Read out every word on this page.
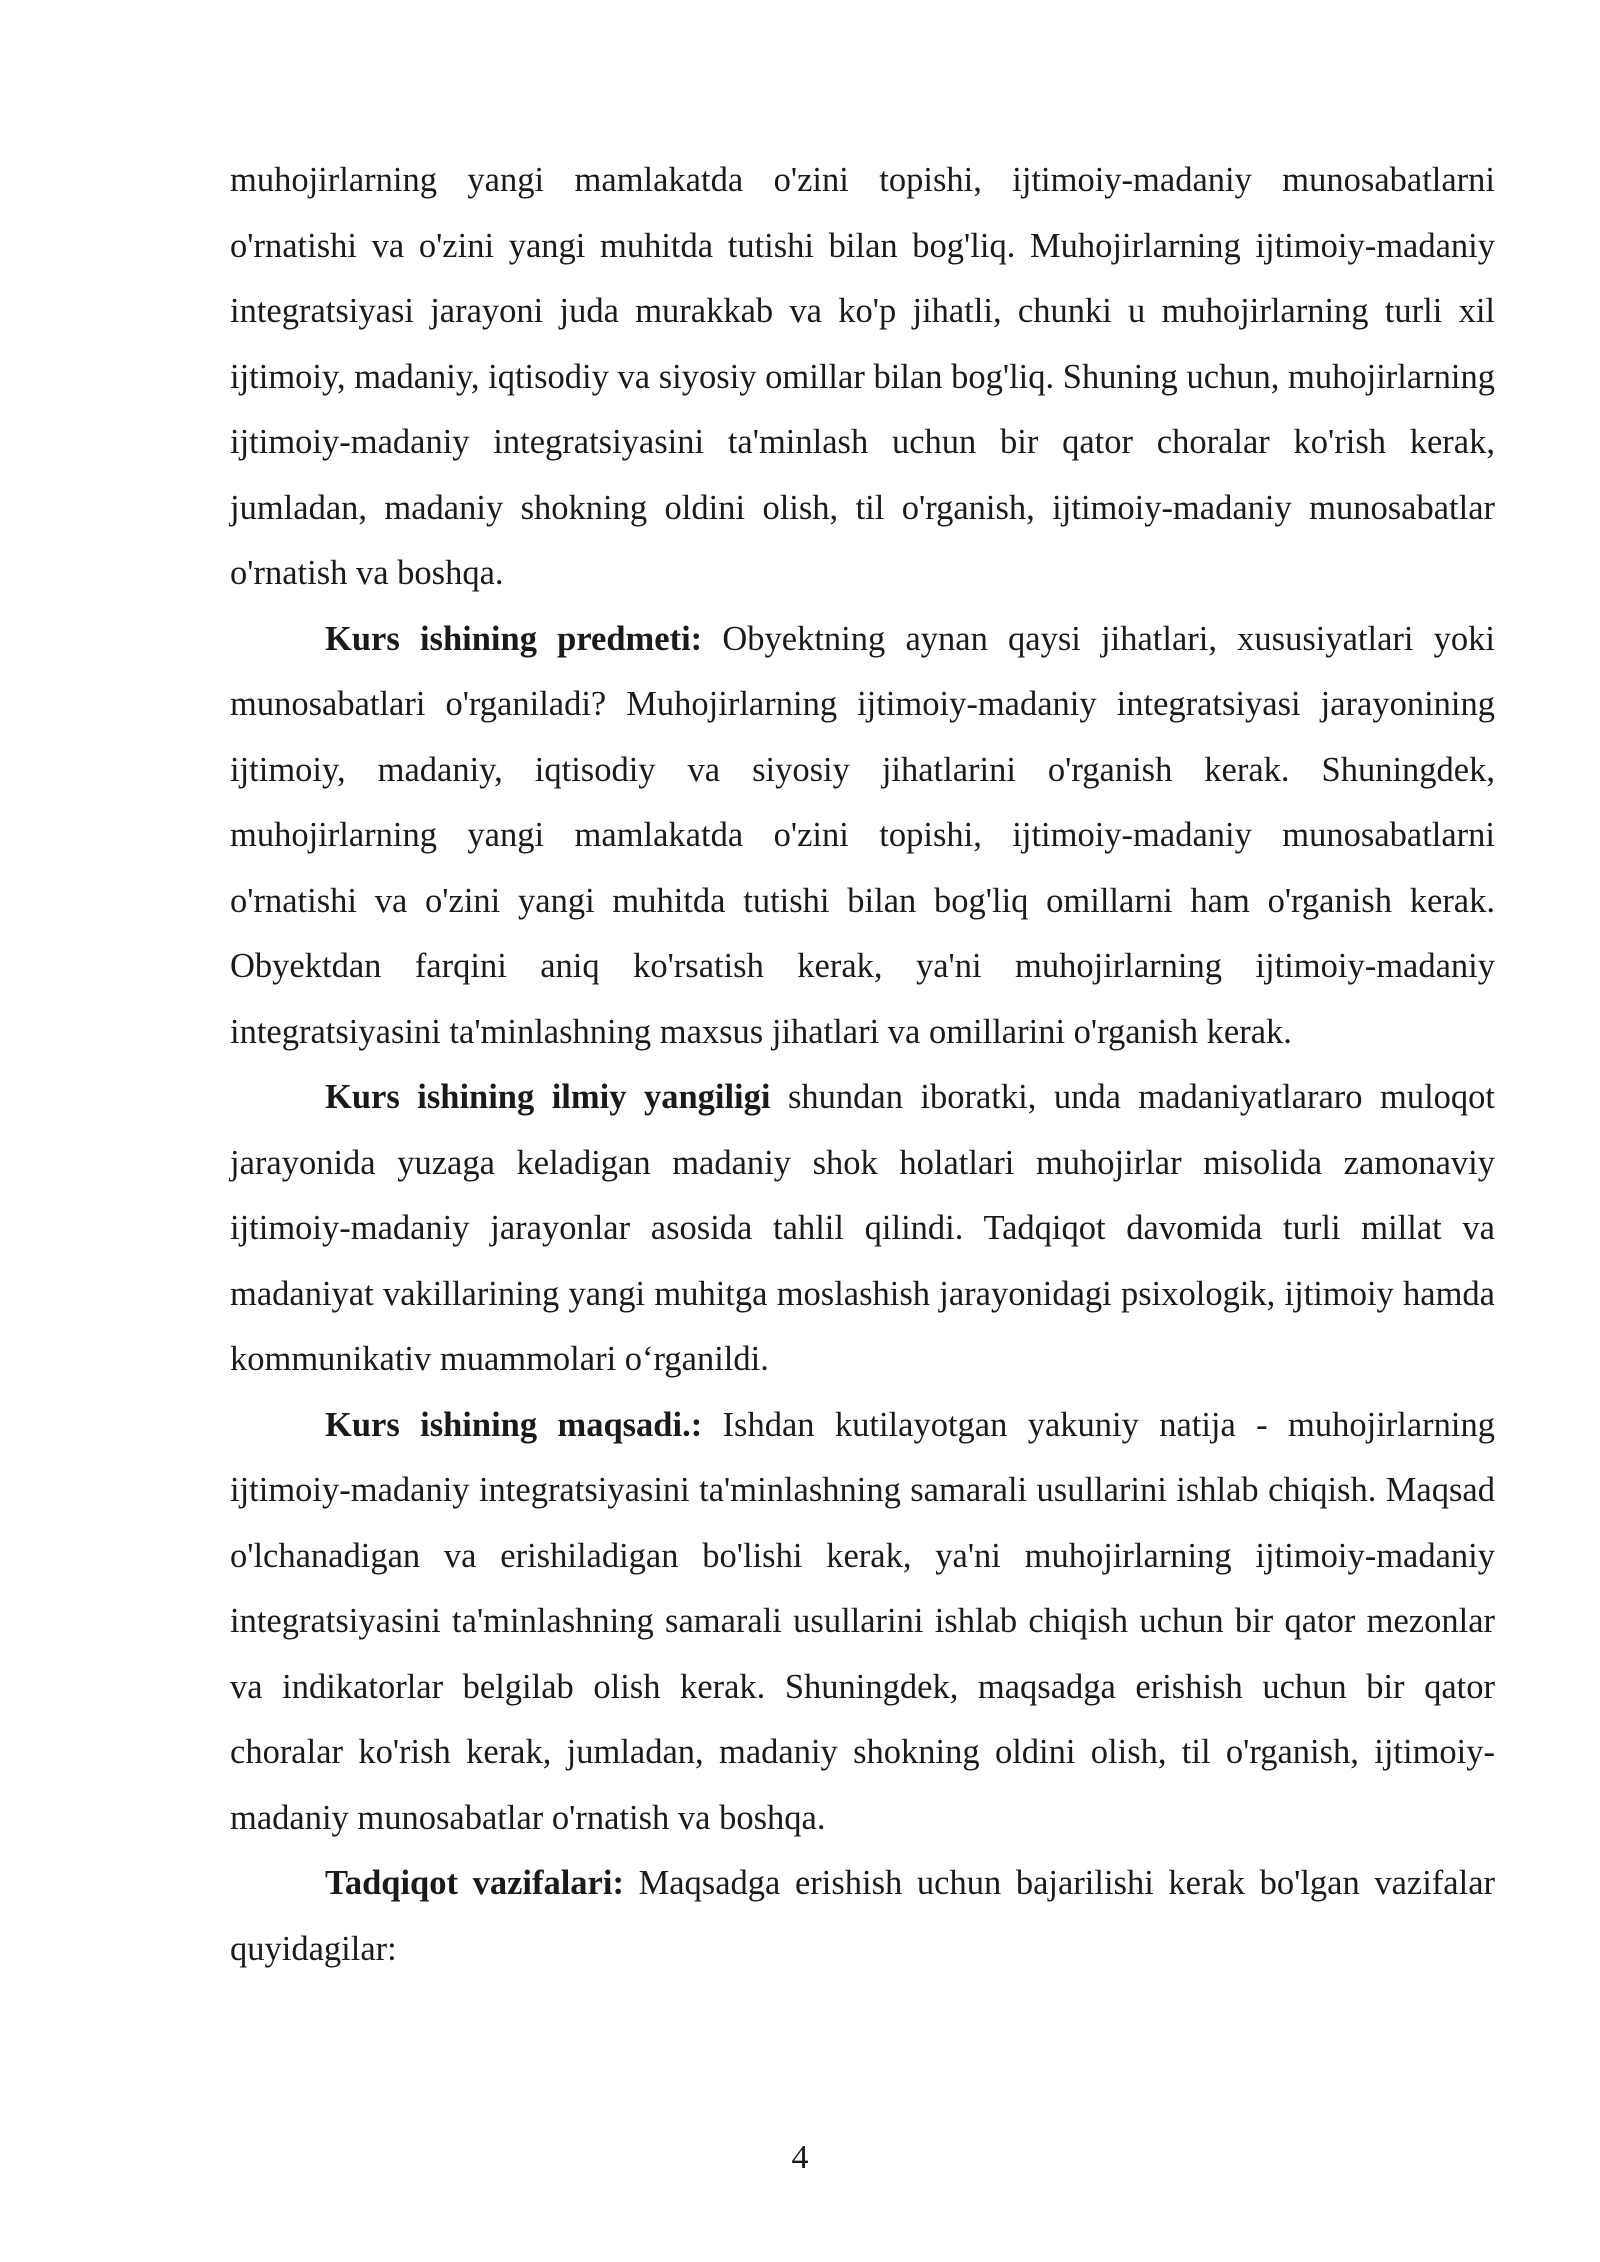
muhojirlarning yangi mamlakatda o'zini topishi, ijtimoiy-madaniy munosabatlarni o'rnatishi va o'zini yangi muhitda tutishi bilan bog'liq. Muhojirlarning ijtimoiy-madaniy integratsiyasi jarayoni juda murakkab va ko'p jihatli, chunki u muhojirlarning turli xil ijtimoiy, madaniy, iqtisodiy va siyosiy omillar bilan bog'liq. Shuning uchun, muhojirlarning ijtimoiy-madaniy integratsiyasini ta'minlash uchun bir qator choralar ko'rish kerak, jumladan, madaniy shokning oldini olish, til o'rganish, ijtimoiy-madaniy munosabatlar o'rnatish va boshqa.

Kurs ishining predmeti: Obyektning aynan qaysi jihatlari, xususiyatlari yoki munosabatlari o'rganiladi? Muhojirlarning ijtimoiy-madaniy integratsiyasi jarayonining ijtimoiy, madaniy, iqtisodiy va siyosiy jihatlarini o'rganish kerak. Shuningdek, muhojirlarning yangi mamlakatda o'zini topishi, ijtimoiy-madaniy munosabatlarni o'rnatishi va o'zini yangi muhitda tutishi bilan bog'liq omillarni ham o'rganish kerak. Obyektdan farqini aniq ko'rsatish kerak, ya'ni muhojirlarning ijtimoiy-madaniy integratsiyasini ta'minlashning maxsus jihatlari va omillarini o'rganish kerak.

Kurs ishining ilmiy yangiligi shundan iboratki, unda madaniyatlararo muloqot jarayonida yuzaga keladigan madaniy shok holatlari muhojirlar misolida zamonaviy ijtimoiy-madaniy jarayonlar asosida tahlil qilindi. Tadqiqot davomida turli millat va madaniyat vakillarining yangi muhitga moslashish jarayonidagi psixologik, ijtimoiy hamda kommunikativ muammolari o‘rganildi.

Kurs ishining maqsadi.: Ishdan kutilayotgan yakuniy natija - muhojirlarning ijtimoiy-madaniy integratsiyasini ta'minlashning samarali usullarini ishlab chiqish. Maqsad o'lchanadigan va erishiladigan bo'lishi kerak, ya'ni muhojirlarning ijtimoiy-madaniy integratsiyasini ta'minlashning samarali usullarini ishlab chiqish uchun bir qator mezonlar va indikatorlar belgilab olish kerak. Shuningdek, maqsadga erishish uchun bir qator choralar ko'rish kerak, jumladan, madaniy shokning oldini olish, til o'rganish, ijtimoiy-madaniy munosabatlar o'rnatish va boshqa.

Tadqiqot vazifalari: Maqsadga erishish uchun bajarilishi kerak bo'lgan vazifalar quyidagilar:

4
